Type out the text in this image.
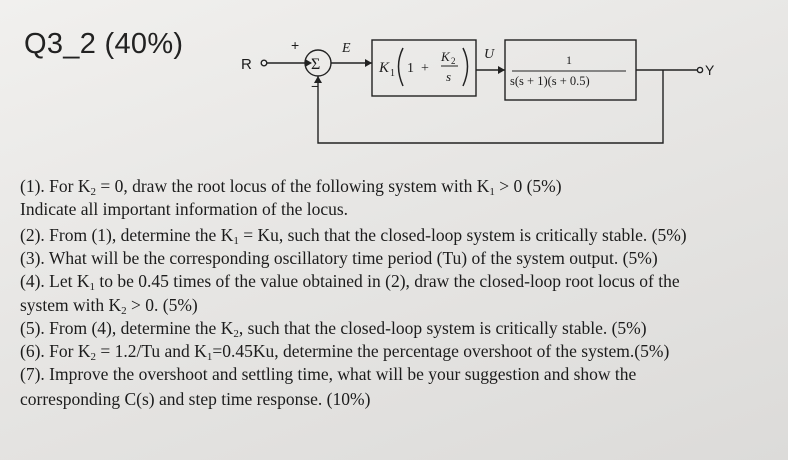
Q3_2 (40%)
R
+
−
Σ
E	U
Y
K 1 1 +
K 2
s
1
s(s + 1)(s + 0.5)
(1). For $K_2 = 0$, draw the root locus of the following system with $K_1 > 0$ (5%)
Indicate all important information of the locus.
(2). From (1), determine the $K_1 = Ku$, such that the closed-loop system is critically stable. (5%)
(3). What will be the corresponding oscillatory time period (Tu) of the system output. (5%)
(4). Let $K_1$ to be 0.45 times of the value obtained in (2), draw the closed-loop root locus of the
system with $K_2 > 0$. (5%)
(5). From (4), determine the $K_2$, such that the closed-loop system is critically stable. (5%)
(6). For $K_2 = 1.2/Tu$ and $K_1=0.45Ku$, determine the percentage overshoot of the system.(5%)
(7). Improve the overshoot and settling time, what will be your suggestion and show the
corresponding C(s) and step time response. (10%)
